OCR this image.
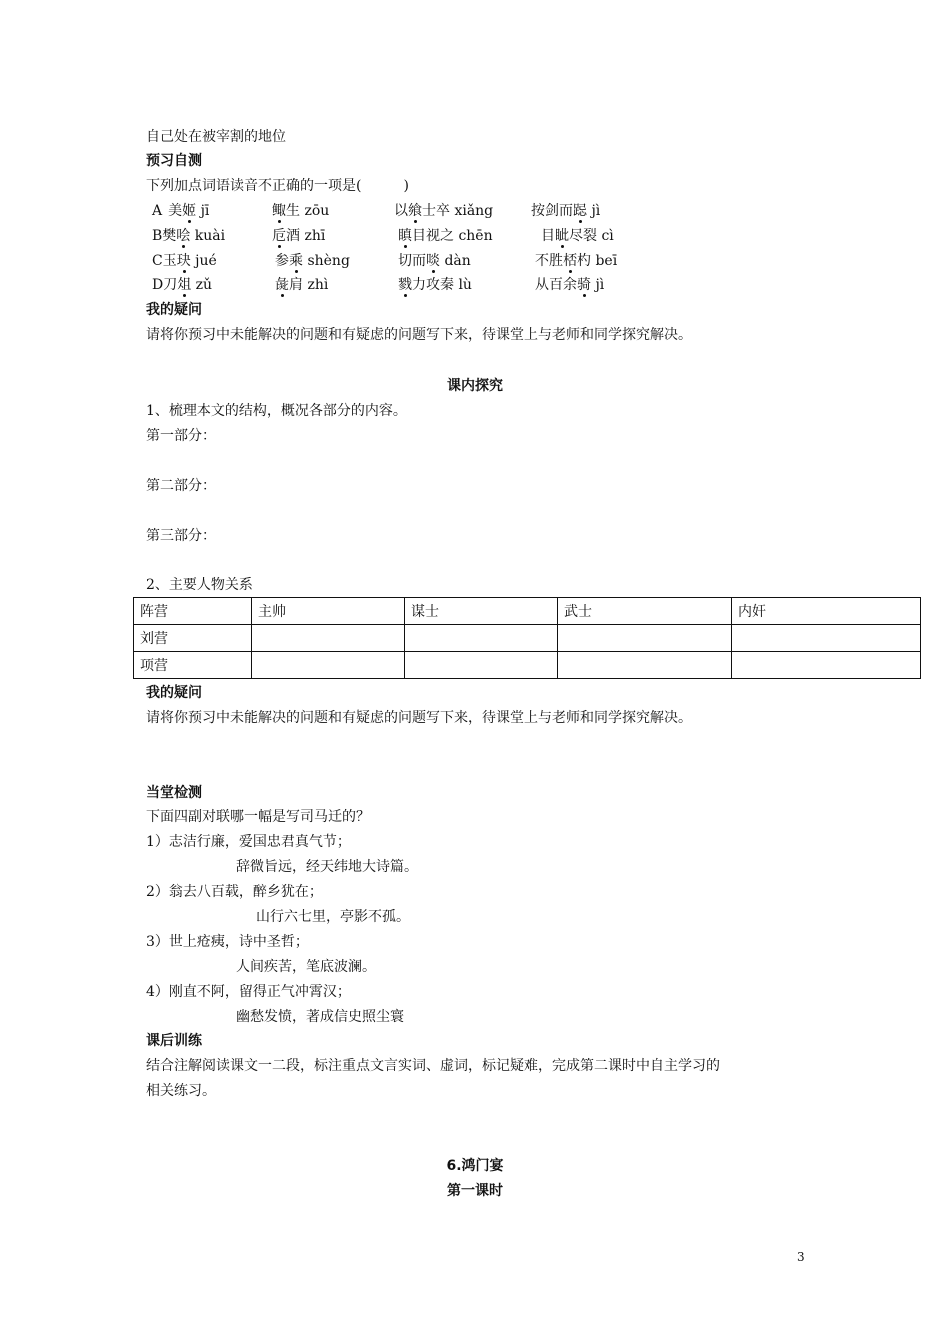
自己处在被宰割的地位
预习自测
下列加点词语读音不正确的一项是(　　　)
A 美姬 jī	鲰生 zōu	以飨士卒 xiǎng	按剑而跽 jì
B樊哙 kuài	卮酒 zhī	瞋目视之 chēn	目眦尽裂 cì
C玉玦 jué	参乘 shèng	切而啖 dàn	不胜桮杓 beī
D刀俎 zǔ	彘肩 zhì	戮力攻秦 lù	从百余骑 jì
我的疑问
请将你预习中未能解决的问题和有疑虑的问题写下来，待课堂上与老师和同学探究解决。
课内探究
1、梳理本文的结构，概况各部分的内容。
第一部分：
第二部分：
第三部分：
2、主要人物关系
阵营	主帅	谋士	武士	内奸
刘营				
项营				
我的疑问
请将你预习中未能解决的问题和有疑虑的问题写下来，待课堂上与老师和同学探究解决。
当堂检测
下面四副对联哪一幅是写司马迁的？
1）志洁行廉，爱国忠君真气节；
辞微旨远，经天纬地大诗篇。
2）翁去八百载，醉乡犹在；
山行六七里，亭影不孤。
3）世上疮痍，诗中圣哲；
人间疾苦，笔底波澜。
4）刚直不阿，留得正气冲霄汉；
幽愁发愤，著成信史照尘寰
课后训练
结合注解阅读课文一二段，标注重点文言实词、虚词，标记疑难，完成第二课时中自主学习的
相关练习。
6.鸿门宴
第一课时
3
